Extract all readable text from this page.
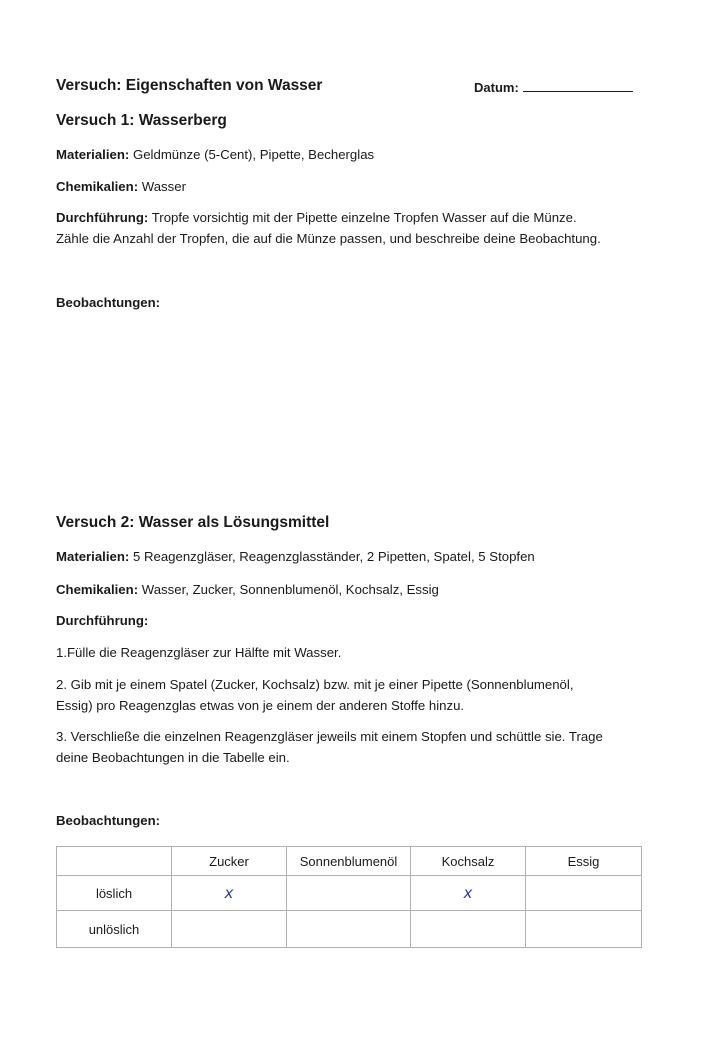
Versuch: Eigenschaften von Wasser	Datum:
Versuch 1: Wasserberg
Materialien: Geldmünze (5-Cent), Pipette, Becherglas
Chemikalien: Wasser
Durchführung: Tropfe vorsichtig mit der Pipette einzelne Tropfen Wasser auf die Münze.
Zähle die Anzahl der Tropfen, die auf die Münze passen, und beschreibe deine Beobachtung.
Beobachtungen:
Versuch 2: Wasser als Lösungsmittel
Materialien: 5 Reagenzgläser, Reagenzglasständer, 2 Pipetten, Spatel, 5 Stopfen
Chemikalien: Wasser, Zucker, Sonnenblumenöl, Kochsalz, Essig
Durchführung:
1.Fülle die Reagenzgläser zur Hälfte mit Wasser.
2. Gib mit je einem Spatel (Zucker, Kochsalz) bzw. mit je einer Pipette (Sonnenblumenöl,
Essig) pro Reagenzglas etwas von je einem der anderen Stoffe hinzu.
3. Verschließe die einzelnen Reagenzgläser jeweils mit einem Stopfen und schüttle sie. Trage
deine Beobachtungen in die Tabelle ein.
Beobachtungen:
	Zucker	Sonnenblumenöl	Kochsalz	Essig
löslich	x		x	
unlöslich				
